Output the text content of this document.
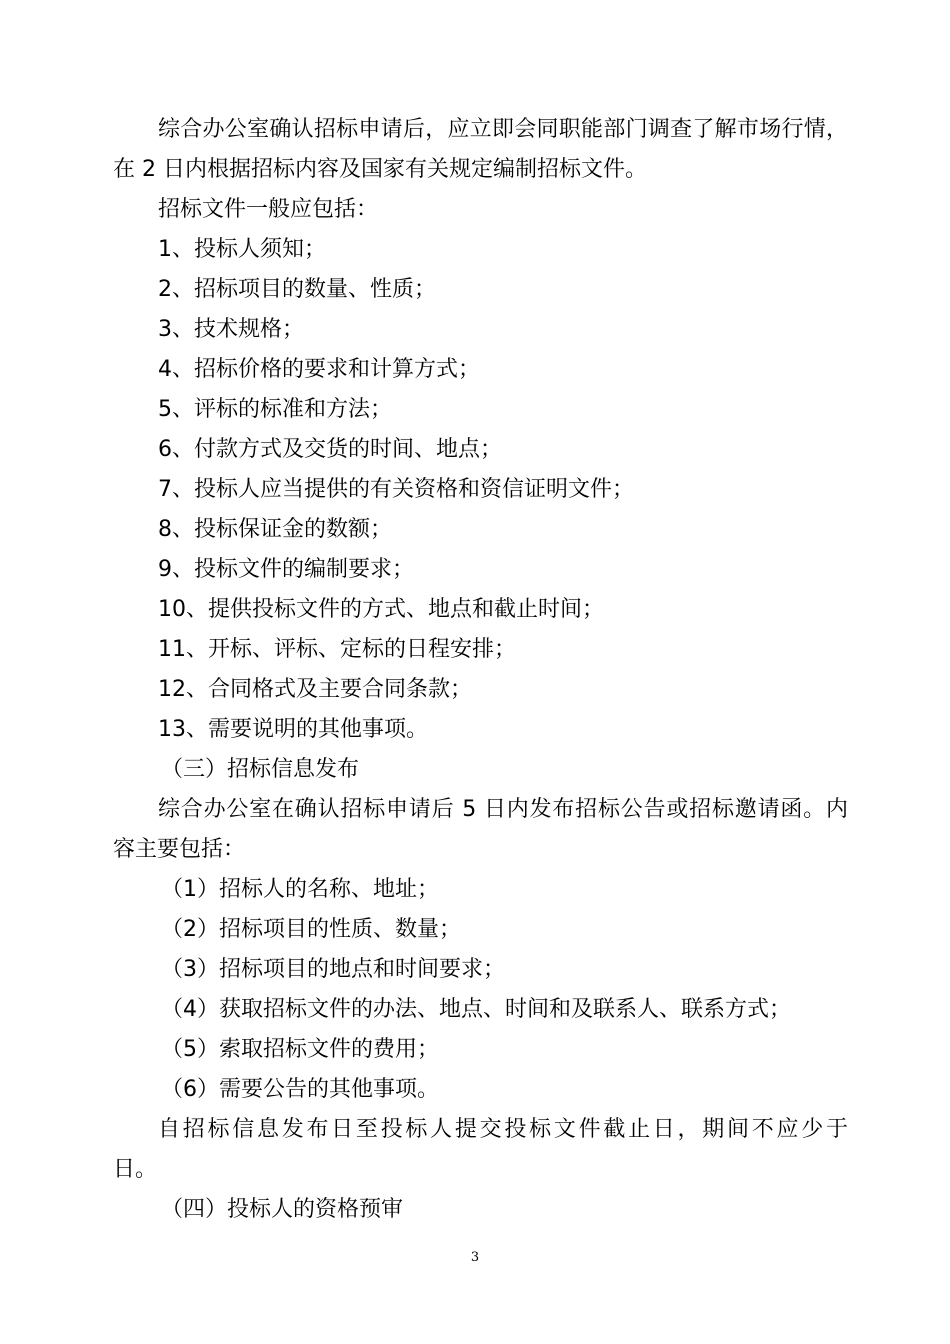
综合办公室确认招标申请后，应立即会同职能部门调查了解市场行情，
在 2 日内根据招标内容及国家有关规定编制招标文件。
招标文件一般应包括：
1、投标人须知；
2、招标项目的数量、性质；
3、技术规格；
4、招标价格的要求和计算方式；
5、评标的标准和方法；
6、付款方式及交货的时间、地点；
7、投标人应当提供的有关资格和资信证明文件；
8、投标保证金的数额；
9、投标文件的编制要求；
10、提供投标文件的方式、地点和截止时间；
11、开标、评标、定标的日程安排；
12、合同格式及主要合同条款；
13、需要说明的其他事项。
（三）招标信息发布
综合办公室在确认招标申请后 5 日内发布招标公告或招标邀请函。内
容主要包括：
（1）招标人的名称、地址；
（2）招标项目的性质、数量；
（3）招标项目的地点和时间要求；
（4）获取招标文件的办法、地点、时间和及联系人、联系方式；
（5）索取招标文件的费用；
（6）需要公告的其他事项。
自招标信息发布日至投标人提交投标文件截止日，期间不应少于
日。
（四）投标人的资格预审
3
